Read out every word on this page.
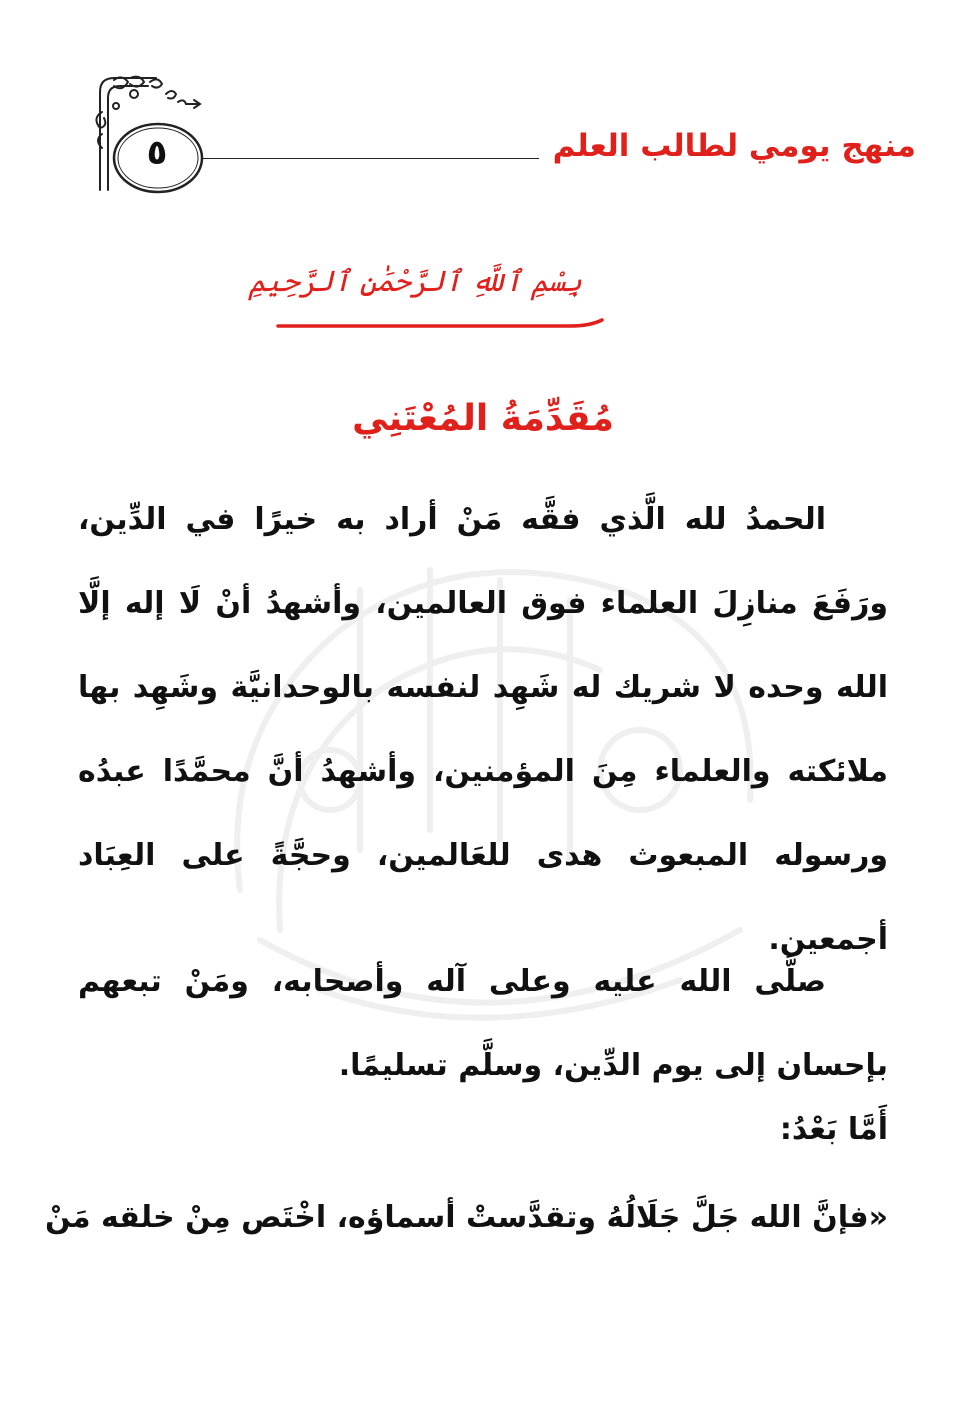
٥	منهج يومي لطالب العلم
بِسْمِ ٱللَّهِ ٱلرَّحْمَٰنِ ٱلرَّحِيمِ
مُقَدِّمَةُ المُعْتَنِي

الحمدُ لله الَّذي فقَّه مَنْ أراد به خيرًا في الدِّين، ورَفَعَ منازِلَ العلماء فوق العالمين، وأشهدُ أنْ لَا إله إلَّا الله وحده لا شريك له شَهِد لنفسه بالوحدانيَّة وشَهِد بها ملائكته والعلماء مِنَ المؤمنين، وأشهدُ أنَّ محمَّدًا عبدُه ورسوله المبعوث هدى للعَالمين، وحجَّةً على العِبَاد أجمعين.

صلَّى الله عليه وعلى آله وأصحابه، ومَنْ تبعهم بإحسان إلى يوم الدِّين، وسلَّم تسليمًا.

أَمَّا بَعْدُ:
«فإنَّ الله جَلَّ جَلَالُهُ وتقدَّستْ أسماؤه، اخْتَص مِنْ خلقه مَنْ
